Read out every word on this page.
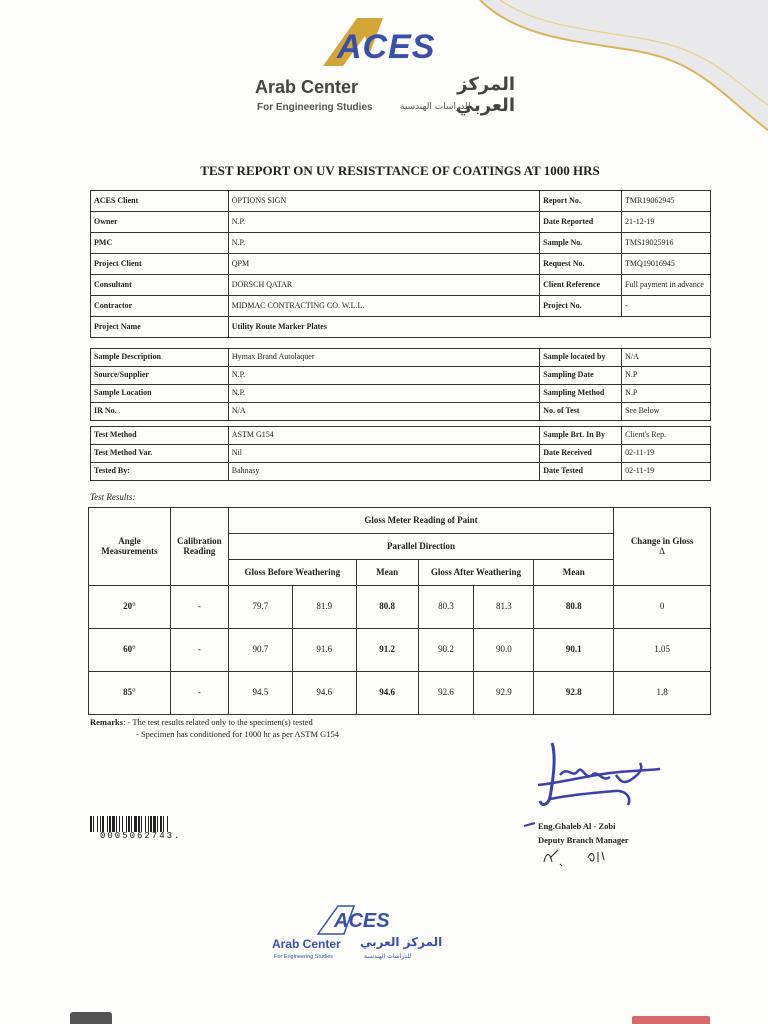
ACES
Arab Center
For Engineering Studies
المركز العربي
للدراسات الهندسية
TEST REPORT ON UV RESISTTANCE OF COATINGS AT 1000 HRS
ACES Client	OPTIONS SIGN	Report No.	TMR19062945
Owner	N.P.	Date Reported	21-12-19
PMC	N.P.	Sample No.	TMS19025916
Project Client	QPM	Request No.	TMQ19016945
Consultant	DORSCH QATAR	Client Reference	Full payment in advance
Contractor	MIDMAC CONTRACTING CO. W.L.L.	Project No.	-
Project Name	Utility Route Marker Plates		
Sample Description	Hymax Brand Autolaquer	Sample located by	N/A
Source/Supplier	N.P.	Sampling Date	N.P
Sample Location	N.P.	Sampling Method	N.P
IR No.	N/A	No. of Test	See Below
Test Method	ASTM G154	Sample Brt. In By	Client's Rep.
Test Method Var.	Nil	Date Received	02-11-19
Tested By:	Bahnasy	Date Tested	02-11-19
Test Results:
Angle Measurements	Calibration Reading	Gloss Meter Reading of Paint						Change in Gloss
Δ

		Parallel Direction						
		Gloss Before Weathering		Mean	Gloss After Weathering		Mean	
20°	-	79.7	81.9	80.8	80.3	81.3	80.8	0
60°	-	90.7	91.6	91.2	90.2	90.0	90.1	1.05
85°	-	94.5	94.6	94.6	92.6	92.9	92.8	1.8
Remarks: - The test results related only to the specimen(s) tested
- Specimen has conditioned for 1000 hr as per ASTM G154
0005062743.
Eng.Ghaleb Al - Zobi
Deputy Branch Manager
ACES
Arab Center
For Engineering Studies
المركز العربي
للدراسات الهندسية
